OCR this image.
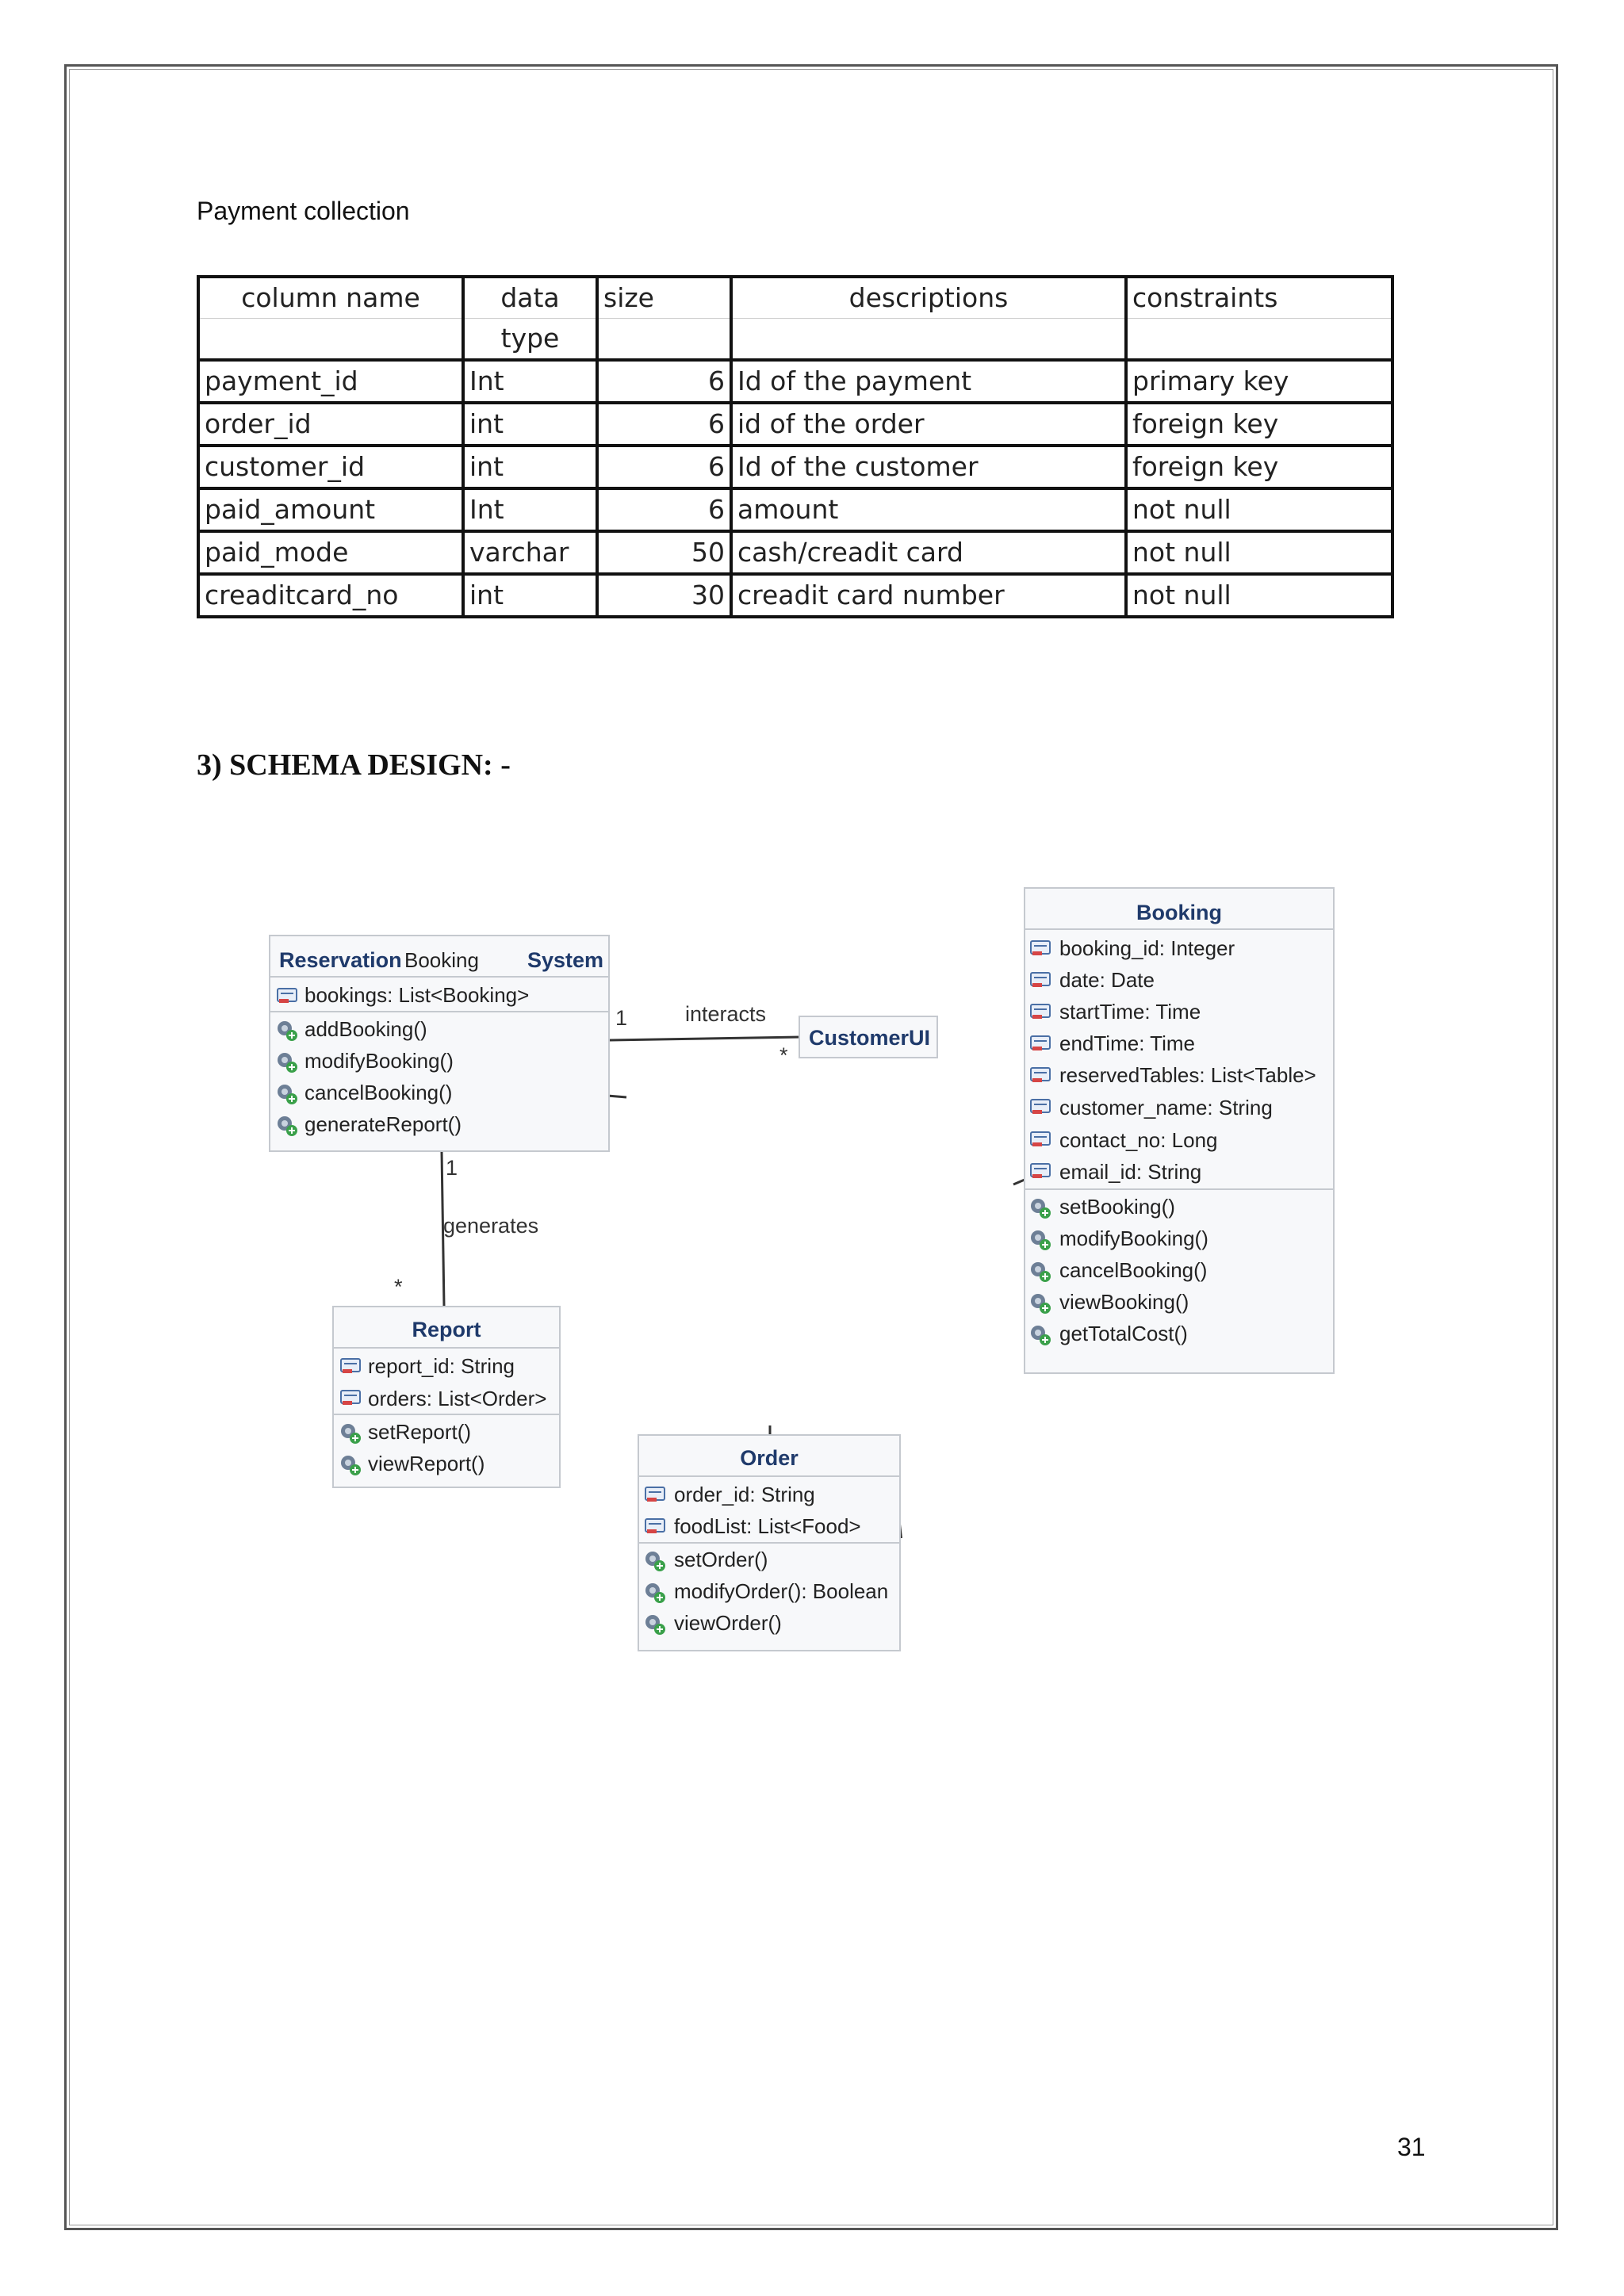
Payment collection
column name	data	size	descriptions	constraints
	type			
payment_id	Int	6	Id of the payment	primary key
order_id	int	6	id of the order	foreign key
customer_id	int	6	Id of the customer	foreign key
paid_amount	Int	6	amount	not null
paid_mode	varchar	50	cash/creadit card	not null
creaditcard_no	int	30	creadit card number	not null
3) SCHEMA DESIGN: -
interacts
1
*
1
generates
*
Reservation Booking System
bookings: List<Booking>
addBooking()
modifyBooking()
cancelBooking()
generateReport()
CustomerUI
Booking
booking_id: Integer
date: Date
startTime: Time
endTime: Time
reservedTables: List<Table>
customer_name: String
contact_no: Long
email_id: String
setBooking()
modifyBooking()
cancelBooking()
viewBooking()
getTotalCost()
Report
report_id: String
orders: List<Order>
setReport()
viewReport()	Order
order_id: String
foodList: List<Food>
setOrder()
modifyOrder(): Boolean
viewOrder()
31
